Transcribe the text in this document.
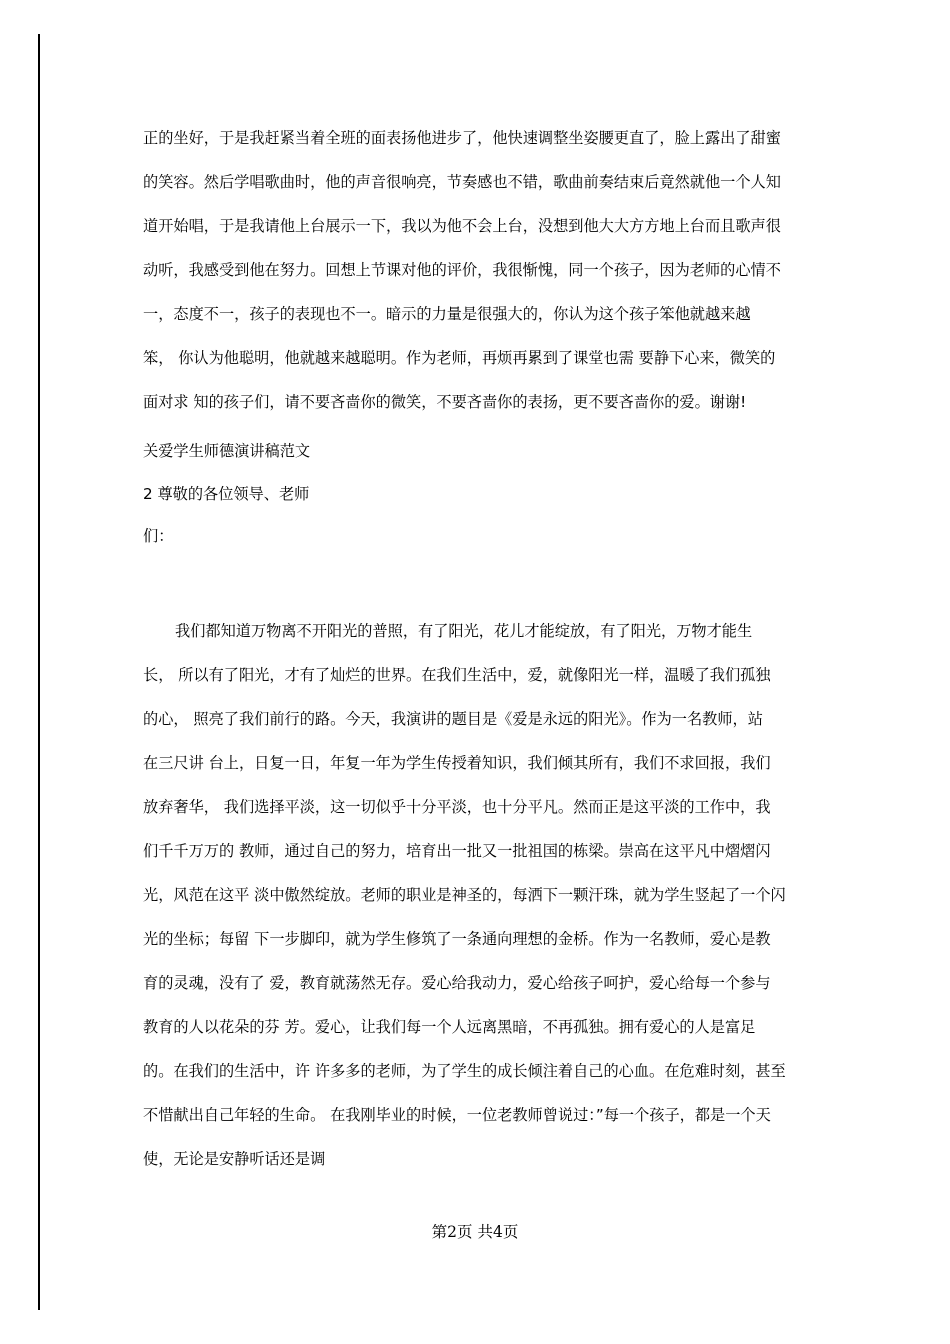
正的坐好，于是我赶紧当着全班的面表扬他进步了，他快速调整坐姿腰更直了，脸上露出了甜蜜
的笑容。然后学唱歌曲时，他的声音很响亮，节奏感也不错，歌曲前奏结束后竟然就他一个人知
道开始唱，于是我请他上台展示一下，我以为他不会上台，没想到他大大方方地上台而且歌声很
动听，我感受到他在努力。回想上节课对他的评价，我很惭愧，同一个孩子，因为老师的心情不
一，态度不一，孩子的表现也不一。暗示的力量是很强大的，你认为这个孩子笨他就越来越
笨， 你认为他聪明，他就越来越聪明。作为老师，再烦再累到了课堂也需 要静下心来，微笑的
面对求 知的孩子们，请不要吝啬你的微笑，不要吝啬你的表扬，更不要吝啬你的爱。谢谢!
关爱学生师德演讲稿范文
2 尊敬的各位领导、老师
们：
我们都知道万物离不开阳光的普照，有了阳光，花儿才能绽放，有了阳光，万物才能生
长， 所以有了阳光，才有了灿烂的世界。在我们生活中，爱，就像阳光一样，温暖了我们孤独
的心， 照亮了我们前行的路。今天，我演讲的题目是《爱是永远的阳光》。作为一名教师，站
在三尺讲 台上，日复一日，年复一年为学生传授着知识，我们倾其所有，我们不求回报，我们
放弃奢华， 我们选择平淡，这一切似乎十分平淡，也十分平凡。然而正是这平淡的工作中，我
们千千万万的 教师，通过自己的努力，培育出一批又一批祖国的栋梁。崇高在这平凡中熠熠闪
光，风范在这平 淡中傲然绽放。老师的职业是神圣的，每洒下一颗汗珠，就为学生竖起了一个闪
光的坐标；每留 下一步脚印，就为学生修筑了一条通向理想的金桥。作为一名教师，爱心是教
育的灵魂，没有了 爱，教育就荡然无存。爱心给我动力，爱心给孩子呵护，爱心给每一个参与
教育的人以花朵的芬 芳。爱心，让我们每一个人远离黑暗，不再孤独。拥有爱心的人是富足
的。在我们的生活中，许 许多多的老师，为了学生的成长倾注着自己的心血。在危难时刻，甚至
不惜献出自己年轻的生命。 在我刚毕业的时候，一位老教师曾说过：”每一个孩子，都是一个天
使，无论是安静听话还是调
第2页 共4页
